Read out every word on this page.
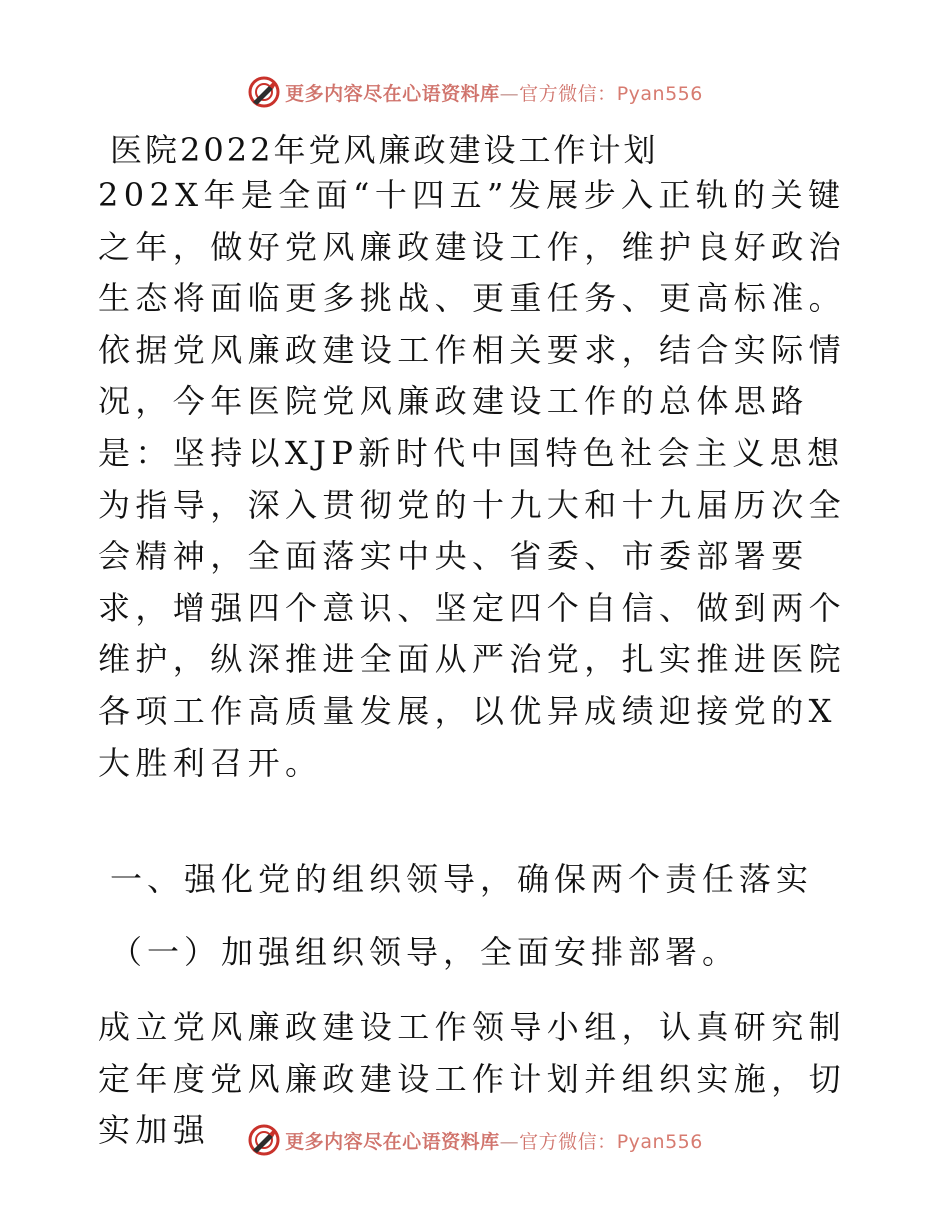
更多内容尽在心语资料库—官方微信：Pyan556
医院2022年党风廉政建设工作计划

202X年是全面“十四五”发展步入正轨的关键之年，做好党风廉政建设工作，维护良好政治生态将面临更多挑战、更重任务、更高标准。依据党风廉政建设工作相关要求，结合实际情况，今年医院党风廉政建设工作的总体思路是：坚持以XJP新时代中国特色社会主义思想为指导，深入贯彻党的十九大和十九届历次全会精神，全面落实中央、省委、市委部署要求，增强四个意识、坚定四个自信、做到两个维护，纵深推进全面从严治党，扎实推进医院各项工作高质量发展，以优异成绩迎接党的X大胜利召开。

一、强化党的组织领导，确保两个责任落实
（一）加强组织领导，全面安排部署。

成立党风廉政建设工作领导小组，认真研究制定年度党风廉政建设工作计划并组织实施，切实加强	更多内容尽在心语资料库—官方微信：Pyan556
